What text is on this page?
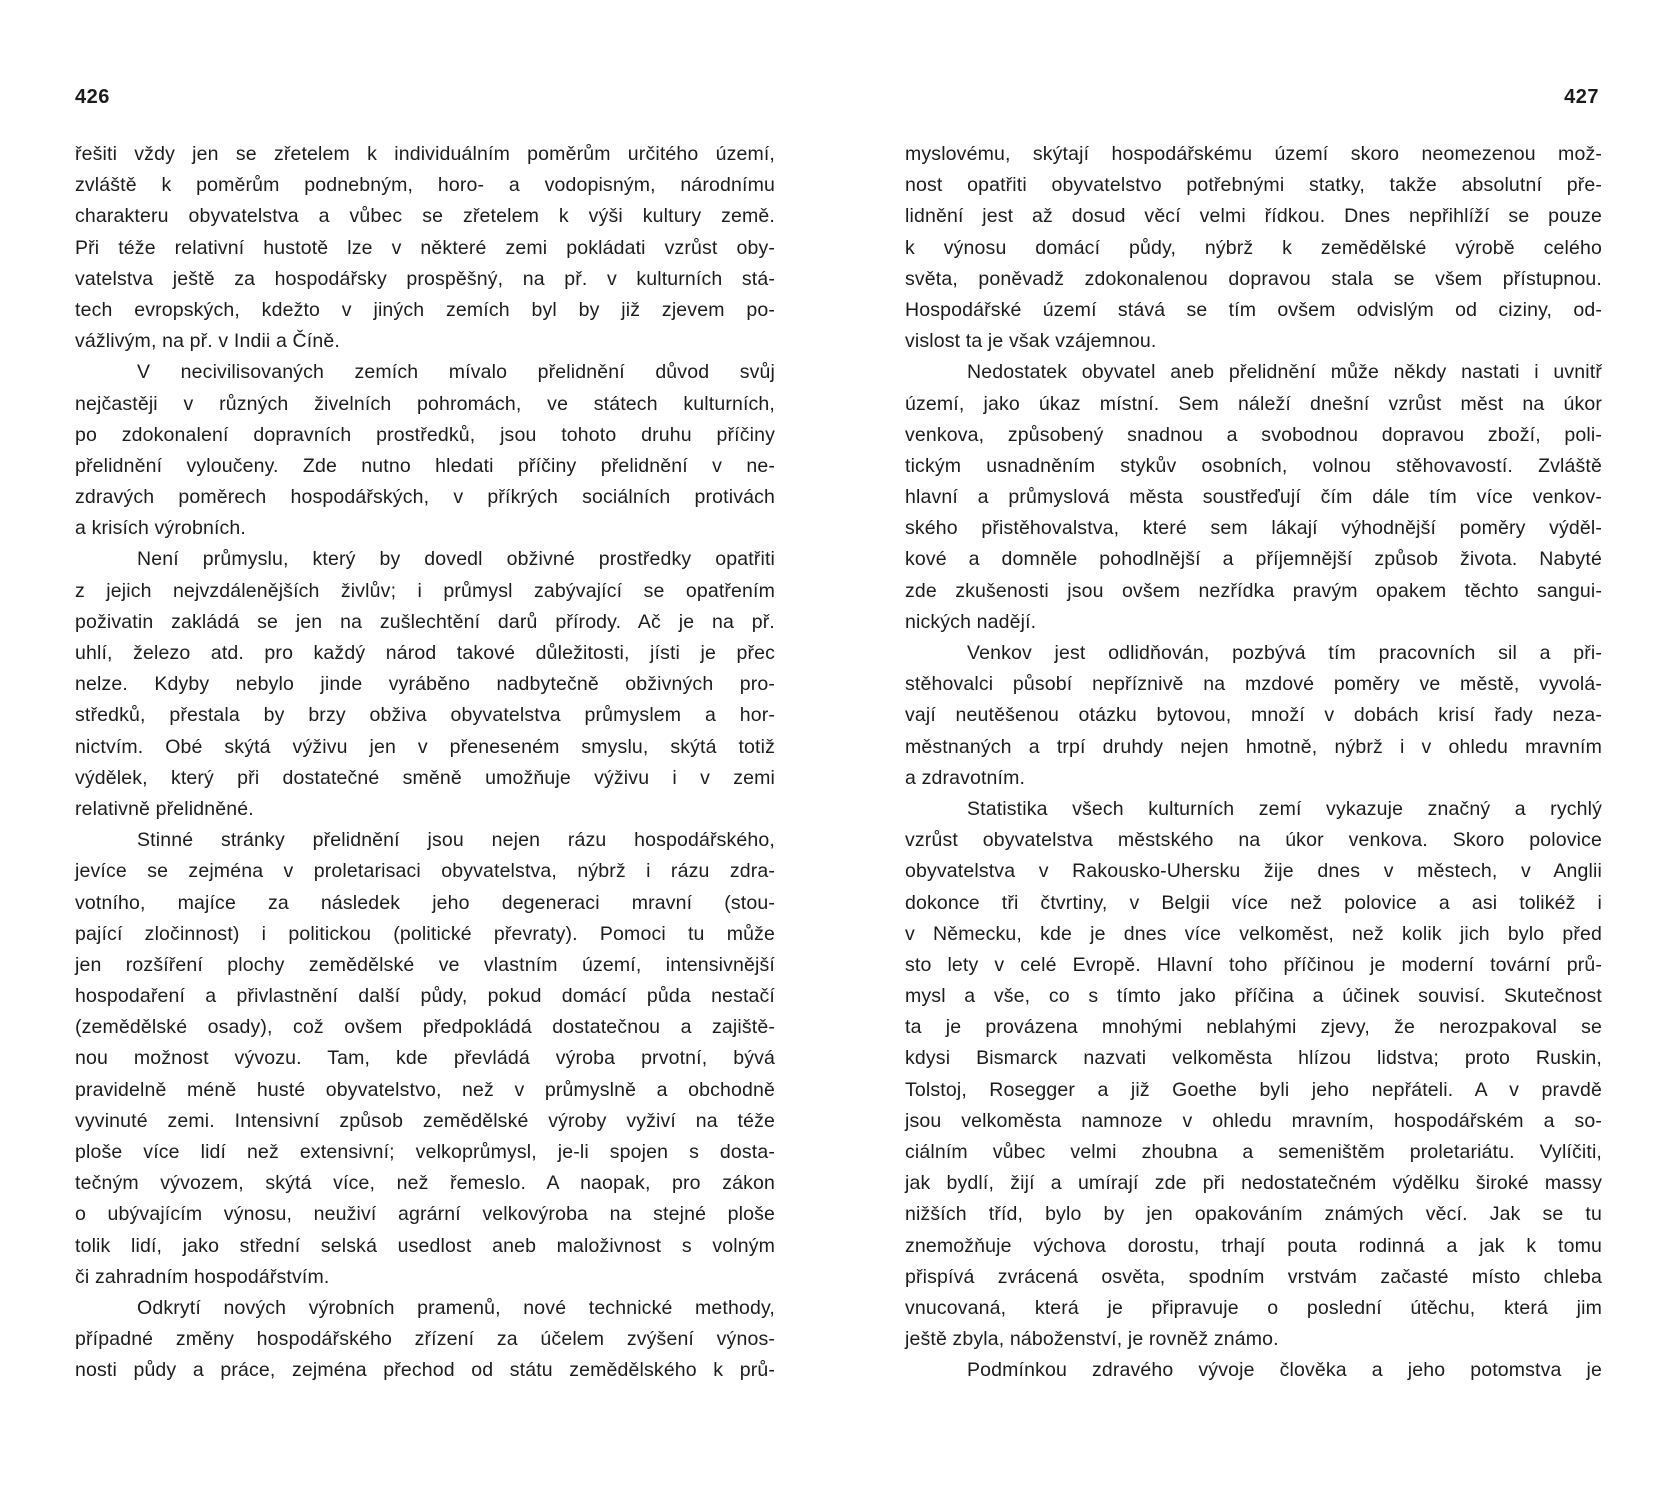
426
řešiti vždy jen se zřetelem k individuálním poměrům určitého území,
zvláště k poměrům podnebným, horo- a vodopisným, národnímu
charakteru obyvatelstva a vůbec se zřetelem k výši kultury země.
Při téže relativní hustotě lze v některé zemi pokládati vzrůst oby-
vatelstva ještě za hospodářsky prospěšný, na př. v kulturních stá-
tech evropských, kdežto v jiných zemích byl by již zjevem po-
vážlivým, na př. v Indii a Číně.
V necivilisovaných zemích mívalo přelidnění důvod svůj
nejčastěji v různých živelních pohromách, ve státech kulturních,
po zdokonalení dopravních prostředků, jsou tohoto druhu příčiny
přelidnění vyloučeny. Zde nutno hledati příčiny přelidnění v ne-
zdravých poměrech hospodářských, v příkrých sociálních protivách
a krisích výrobních.
Není průmyslu, který by dovedl obživné prostředky opatřiti
z jejich nejvzdálenějších živlův; i průmysl zabývající se opatřením
poživatin zakládá se jen na zušlechtění darů přírody. Ač je na př.
uhlí, železo atd. pro každý národ takové důležitosti, jísti je přec
nelze. Kdyby nebylo jinde vyráběno nadbytečně obživných pro-
středků, přestala by brzy obživa obyvatelstva průmyslem a hor-
nictvím. Obé skýtá výživu jen v přeneseném smyslu, skýtá totiž
výdělek, který při dostatečné směně umožňuje výživu i v zemi
relativně přelidněné.
Stinné stránky přelidnění jsou nejen rázu hospodářského,
jevíce se zejména v proletarisaci obyvatelstva, nýbrž i rázu zdra-
votního, majíce za následek jeho degeneraci mravní (stou-
pající zločinnost) i politickou (politické převraty). Pomoci tu může
jen rozšíření plochy zemědělské ve vlastním území, intensivnější
hospodaření a přivlastnění další půdy, pokud domácí půda nestačí
(zemědělské osady), což ovšem předpokládá dostatečnou a zajiště-
nou možnost vývozu. Tam, kde převládá výroba prvotní, bývá
pravidelně méně husté obyvatelstvo, než v průmyslně a obchodně
vyvinuté zemi. Intensivní způsob zemědělské výroby vyživí na téže
ploše více lidí než extensivní; velkoprůmysl, je-li spojen s dosta-
tečným vývozem, skýtá více, než řemeslo. A naopak, pro zákon
o ubývajícím výnosu, neuživí agrární velkovýroba na stejné ploše
tolik lidí, jako střední selská usedlost aneb maloživnost s volným
či zahradním hospodářstvím.
Odkrytí nových výrobních pramenů, nové technické methody,
případné změny hospodářského zřízení za účelem zvýšení výnos-
nosti půdy a práce, zejména přechod od státu zemědělského k prů-
427
myslovému, skýtají hospodářskému území skoro neomezenou mož-
nost opatřiti obyvatelstvo potřebnými statky, takže absolutní pře-
lidnění jest až dosud věcí velmi řídkou. Dnes nepřihlíží se pouze
k výnosu domácí půdy, nýbrž k zemědělské výrobě celého
světa, poněvadž zdokonalenou dopravou stala se všem přístupnou.
Hospodářské území stává se tím ovšem odvislým od ciziny, od-
vislost ta je však vzájemnou.
Nedostatek obyvatel aneb přelidnění může někdy nastati i uvnitř
území, jako úkaz místní. Sem náleží dnešní vzrůst měst na úkor
venkova, způsobený snadnou a svobodnou dopravou zboží, poli-
tickým usnadněním stykův osobních, volnou stěhovavostí. Zvláště
hlavní a průmyslová města soustřeďují čím dále tím více venkov-
ského přistěhovalstva, které sem lákají výhodnější poměry výděl-
kové a domněle pohodlnější a příjemnější způsob života. Nabyté
zde zkušenosti jsou ovšem nezřídka pravým opakem těchto sangui-
nických nadějí.
Venkov jest odlidňován, pozbývá tím pracovních sil a při-
stěhovalci působí nepříznivě na mzdové poměry ve městě, vyvolá-
vají neutěšenou otázku bytovou, množí v dobách krisí řady neza-
městnaných a trpí druhdy nejen hmotně, nýbrž i v ohledu mravním
a zdravotním.
Statistika všech kulturních zemí vykazuje značný a rychlý
vzrůst obyvatelstva městského na úkor venkova. Skoro polovice
obyvatelstva v Rakousko-Uhersku žije dnes v městech, v Anglii
dokonce tři čtvrtiny, v Belgii více než polovice a asi tolikéž i
v Německu, kde je dnes více velkoměst, než kolik jich bylo před
sto lety v celé Evropě. Hlavní toho příčinou je moderní tovární prů-
mysl a vše, co s tímto jako příčina a účinek souvisí. Skutečnost
ta je provázena mnohými neblahými zjevy, že nerozpakoval se
kdysi Bismarck nazvati velkoměsta hlízou lidstva; proto Ruskin,
Tolstoj, Rosegger a již Goethe byli jeho nepřáteli. A v pravdě
jsou velkoměsta namnoze v ohledu mravním, hospodářském a so-
ciálním vůbec velmi zhoubna a semeništěm proletariátu. Vylíčiti,
jak bydlí, žijí a umírají zde při nedostatečném výdělku široké massy
nižších tříd, bylo by jen opakováním známých věcí. Jak se tu
znemožňuje výchova dorostu, trhají pouta rodinná a jak k tomu
přispívá zvrácená osvěta, spodním vrstvám začasté místo chleba
vnucovaná, která je připravuje o poslední útěchu, která jim
ještě zbyla, náboženství, je rovněž známo.
Podmínkou zdravého vývoje člověka a jeho potomstva je
